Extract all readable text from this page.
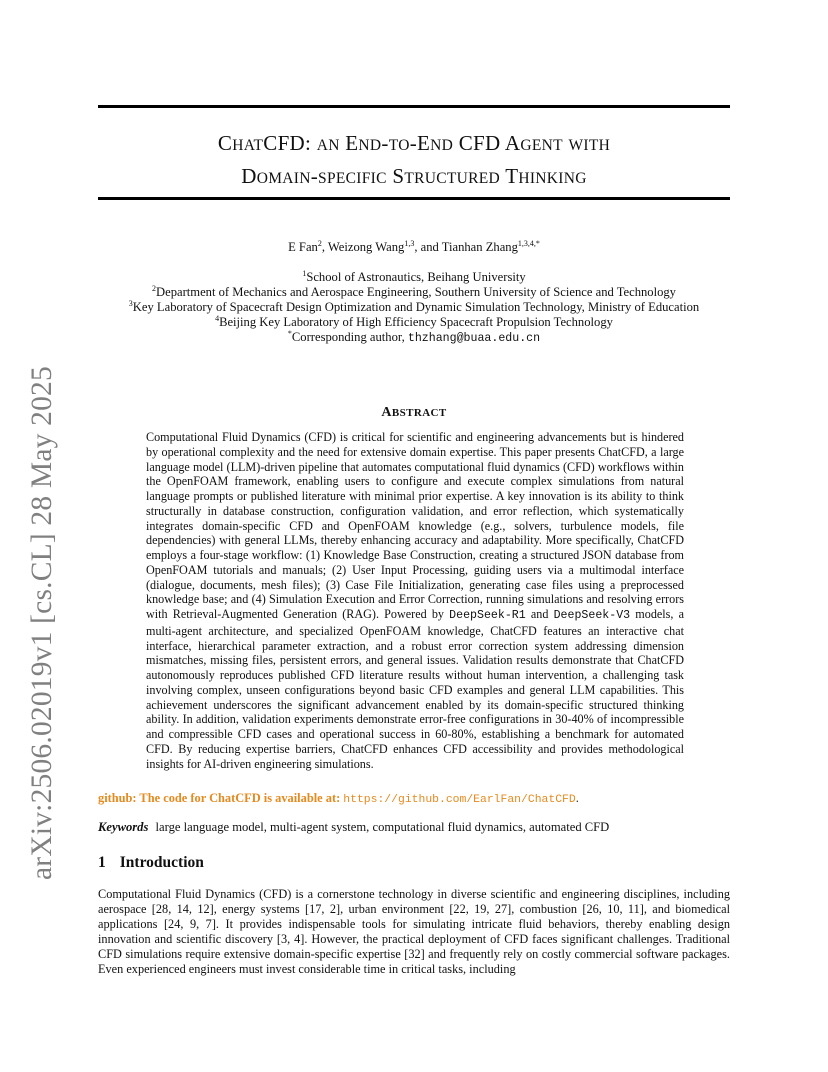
arXiv:2506.02019v1 [cs.CL] 28 May 2025
CHATCFD: AN END-TO-END CFD AGENT WITH
DOMAIN-SPECIFIC STRUCTURED THINKING
E Fan$^2$, Weizong Wang$^{1,3}$, and Tianhan Zhang$^{1,3,4,*}$
$^1$School of Astronautics, Beihang University
$^2$Department of Mechanics and Aerospace Engineering, Southern University of Science and Technology
$^3$Key Laboratory of Spacecraft Design Optimization and Dynamic Simulation Technology, Ministry of Education
$^4$Beijing Key Laboratory of High Efficiency Spacecraft Propulsion Technology
*Corresponding author, thzhang@buaa.edu.cn
ABSTRACT

Computational Fluid Dynamics (CFD) is critical for scientific and engineering advancements but is hindered by operational complexity and the need for extensive domain expertise. This paper presents ChatCFD, a large language model (LLM)-driven pipeline that automates computational fluid dynamics (CFD) workflows within the OpenFOAM framework, enabling users to configure and execute complex simulations from natural language prompts or published literature with minimal prior expertise. A key innovation is its ability to think structurally in database construction, configuration validation, and error reflection, which systematically integrates domain-specific CFD and OpenFOAM knowledge (e.g., solvers, turbulence models, file dependencies) with general LLMs, thereby enhancing accuracy and adaptability. More specifically, ChatCFD employs a four-stage workflow: (1) Knowledge Base Construction, creating a structured JSON database from OpenFOAM tutorials and manuals; (2) User Input Processing, guiding users via a multimodal interface (dialogue, documents, mesh files); (3) Case File Initialization, generating case files using a preprocessed knowledge base; and (4) Simulation Execution and Error Correction, running simulations and resolving errors with Retrieval-Augmented Generation (RAG). Powered by DeepSeek-R1 and DeepSeek-V3 models, a multi-agent architecture, and specialized OpenFOAM knowledge, ChatCFD features an interactive chat interface, hierarchical parameter extraction, and a robust error correction system addressing dimension mismatches, missing files, persistent errors, and general issues. Validation results demonstrate that ChatCFD autonomously reproduces published CFD literature results without human intervention, a challenging task involving complex, unseen configurations beyond basic CFD examples and general LLM capabilities. This achievement underscores the significant advancement enabled by its domain-specific structured thinking ability. In addition, validation experiments demonstrate error-free configurations in 30-40% of incompressible and compressible CFD cases and operational success in 60-80%, establishing a benchmark for automated CFD. By reducing expertise barriers, ChatCFD enhances CFD accessibility and provides methodological insights for AI-driven engineering simulations.

github: The code for ChatCFD is available at: https://github.com/EarlFan/ChatCFD.
Keywords large language model, multi-agent system, computational fluid dynamics, automated CFD
1 Introduction

Computational Fluid Dynamics (CFD) is a cornerstone technology in diverse scientific and engineering disciplines, including aerospace [28, 14, 12], energy systems [17, 2], urban environment [22, 19, 27], combustion [26, 10, 11], and biomedical applications [24, 9, 7]. It provides indispensable tools for simulating intricate fluid behaviors, thereby enabling design innovation and scientific discovery [3, 4]. However, the practical deployment of CFD faces significant challenges. Traditional CFD simulations require extensive domain-specific expertise [32] and frequently rely on costly commercial software packages. Even experienced engineers must invest considerable time in critical tasks, including
